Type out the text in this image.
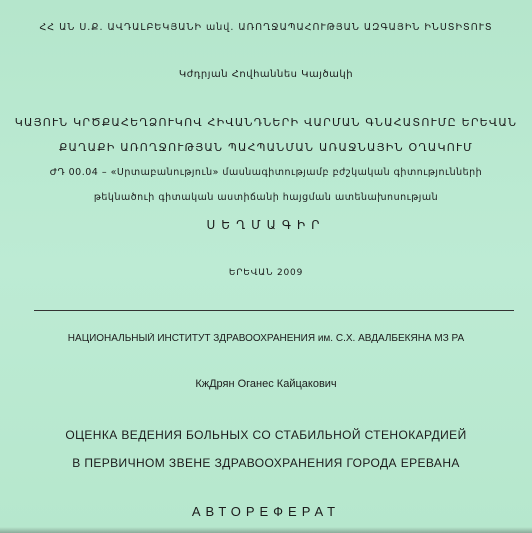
ՀՀ ԱՆ Ս.Ք. ԱՎԴԱԼԲԵԿՅԱՆԻ անվ. ԱՌՈՂՋԱՊԱՀՈՒԹՅԱՆ ԱԶԳԱՅԻՆ ԻՆՍՏԻՏՈՒՏ
Կժդրյան Հովհաննես Կայծակի
ԿԱՅՈՒՆ ԿՐԾՔԱՀԵՂՁՈՒԿՈՎ ՀԻՎԱՆԴՆԵՐԻ ՎԱՐՄԱՆ ԳՆԱՀԱՏՈՒՄԸ ԵՐԵՎԱՆ
ՔԱՂԱՔԻ ԱՌՈՂՋՈՒԹՅԱՆ ՊԱՀՊԱՆՄԱՆ ԱՌԱՋՆԱՅԻՆ ՕՂԱԿՈՒՄ
ԺԴ 00.04 – «Սրտաբանություն» մասնագիտությամբ բժշկական գիտությունների
թեկնածուի գիտական աստիճանի հայցման ատենախոսության
ՍԵՂՄԱԳԻՐ
ԵՐԵՎԱՆ 2009
НАЦИОНАЛЬНЫЙ ИНСТИТУТ ЗДРАВООХРАНЕНИЯ им. С.Х. АВДАЛБЕКЯНА МЗ РА
КжДрян Оганес Кайцакович
ОЦЕНКА ВЕДЕНИЯ БОЛЬНЫХ СО СТАБИЛЬНОЙ СТЕНОКАРДИЕЙ
В ПЕРВИЧНОМ ЗВЕНЕ ЗДРАВООХРАНЕНИЯ ГОРОДА ЕРЕВАНА
АВТОРЕФЕРАТ
